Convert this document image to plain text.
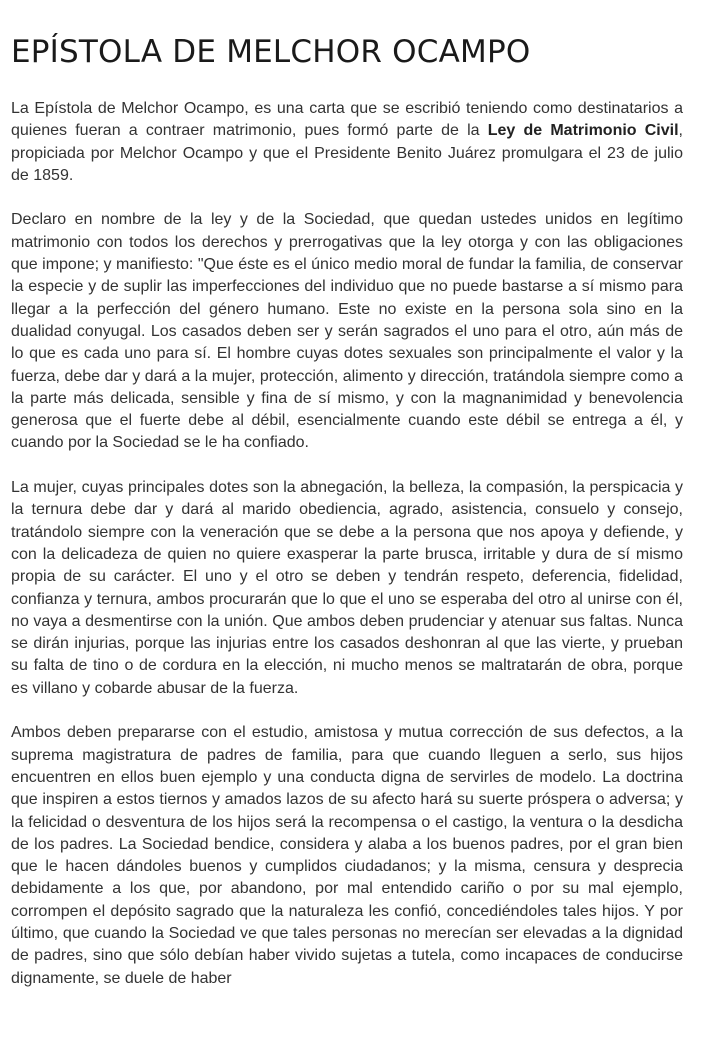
EPÍSTOLA DE MELCHOR OCAMPO

La Epístola de Melchor Ocampo, es una carta que se escribió teniendo como destinatarios a quienes fueran a contraer matrimonio, pues formó parte de la Ley de Matrimonio Civil, propiciada por Melchor Ocampo y que el Presidente Benito Juárez promulgara el 23 de julio de 1859.

Declaro en nombre de la ley y de la Sociedad, que quedan ustedes unidos en legítimo matrimonio con todos los derechos y prerrogativas que la ley otorga y con las obligaciones que impone; y manifiesto: "Que éste es el único medio moral de fundar la familia, de conservar la especie y de suplir las imperfecciones del individuo que no puede bastarse a sí mismo para llegar a la perfección del género humano. Este no existe en la persona sola sino en la dualidad conyugal. Los casados deben ser y serán sagrados el uno para el otro, aún más de lo que es cada uno para sí. El hombre cuyas dotes sexuales son principalmente el valor y la fuerza, debe dar y dará a la mujer, protección, alimento y dirección, tratándola siempre como a la parte más delicada, sensible y fina de sí mismo, y con la magnanimidad y benevolencia generosa que el fuerte debe al débil, esencialmente cuando este débil se entrega a él, y cuando por la Sociedad se le ha confiado.

La mujer, cuyas principales dotes son la abnegación, la belleza, la compasión, la perspicacia y la ternura debe dar y dará al marido obediencia, agrado, asistencia, consuelo y consejo, tratándolo siempre con la veneración que se debe a la persona que nos apoya y defiende, y con la delicadeza de quien no quiere exasperar la parte brusca, irritable y dura de sí mismo propia de su carácter. El uno y el otro se deben y tendrán respeto, deferencia, fidelidad, confianza y ternura, ambos procurarán que lo que el uno se esperaba del otro al unirse con él, no vaya a desmentirse con la unión. Que ambos deben prudenciar y atenuar sus faltas. Nunca se dirán injurias, porque las injurias entre los casados deshonran al que las vierte, y prueban su falta de tino o de cordura en la elección, ni mucho menos se maltratarán de obra, porque es villano y cobarde abusar de la fuerza.

Ambos deben prepararse con el estudio, amistosa y mutua corrección de sus defectos, a la suprema magistratura de padres de familia, para que cuando lleguen a serlo, sus hijos encuentren en ellos buen ejemplo y una conducta digna de servirles de modelo. La doctrina que inspiren a estos tiernos y amados lazos de su afecto hará su suerte próspera o adversa; y la felicidad o desventura de los hijos será la recompensa o el castigo, la ventura o la desdicha de los padres. La Sociedad bendice, considera y alaba a los buenos padres, por el gran bien que le hacen dándoles buenos y cumplidos ciudadanos; y la misma, censura y desprecia debidamente a los que, por abandono, por mal entendido cariño o por su mal ejemplo, corrompen el depósito sagrado que la naturaleza les confió, concediéndoles tales hijos. Y por último, que cuando la Sociedad ve que tales personas no merecían ser elevadas a la dignidad de padres, sino que sólo debían haber vivido sujetas a tutela, como incapaces de conducirse dignamente, se duele de haber
